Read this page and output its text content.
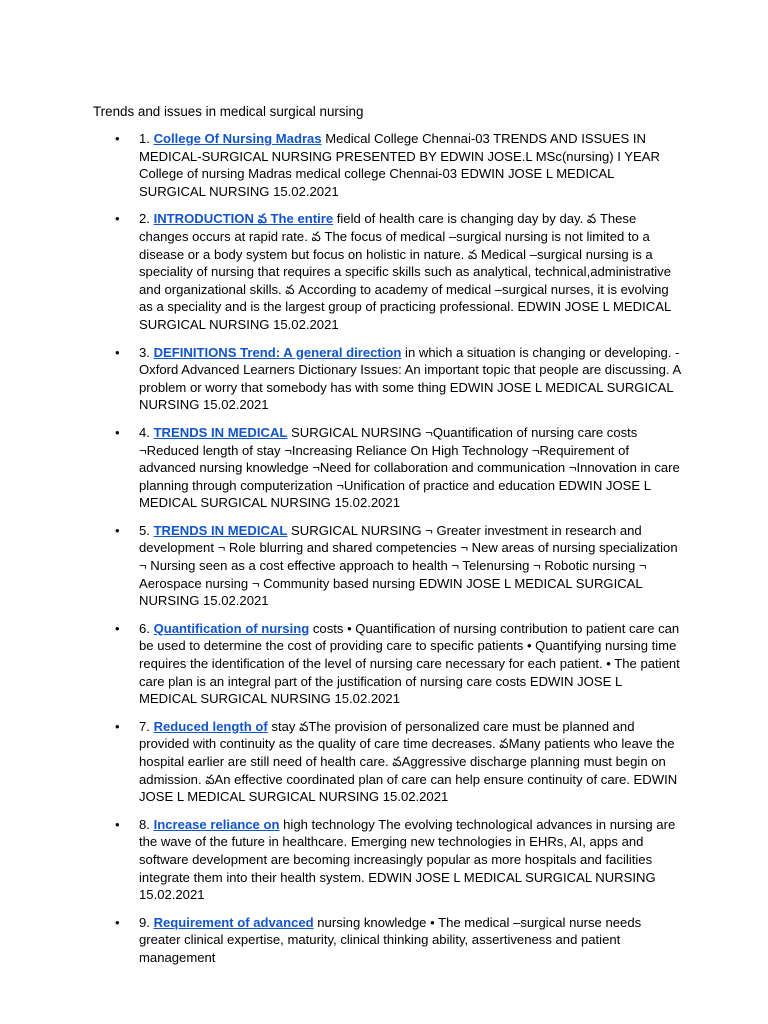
Trends and issues in medical surgical nursing
• 1. College Of Nursing Madras Medical College Chennai-03 TRENDS AND ISSUES IN MEDICAL-SURGICAL NURSING PRESENTED BY EDWIN JOSE.L MSc(nursing) I YEAR College of nursing Madras medical college Chennai-03 EDWIN JOSE L MEDICAL SURGICAL NURSING 15.02.2021
• 2. INTRODUCTION వ The entire field of health care is changing day by day. వ These changes occurs at rapid rate. వ The focus of medical –surgical nursing is not limited to a disease or a body system but focus on holistic in nature. వ Medical –surgical nursing is a speciality of nursing that requires a specific skills such as analytical, technical,administrative and organizational skills. వ According to academy of medical –surgical nurses, it is evolving as a speciality and is the largest group of practicing professional. EDWIN JOSE L MEDICAL SURGICAL NURSING 15.02.2021
• 3. DEFINITIONS Trend: A general direction in which a situation is changing or developing. -Oxford Advanced Learners Dictionary Issues: An important topic that people are discussing. A problem or worry that somebody has with some thing EDWIN JOSE L MEDICAL SURGICAL NURSING 15.02.2021
• 4. TRENDS IN MEDICAL SURGICAL NURSING ¬Quantification of nursing care costs ¬Reduced length of stay ¬Increasing Reliance On High Technology ¬Requirement of advanced nursing knowledge ¬Need for collaboration and communication ¬Innovation in care planning through computerization ¬Unification of practice and education EDWIN JOSE L MEDICAL SURGICAL NURSING 15.02.2021
• 5. TRENDS IN MEDICAL SURGICAL NURSING ¬ Greater investment in research and development ¬ Role blurring and shared competencies ¬ New areas of nursing specialization ¬ Nursing seen as a cost effective approach to health ¬ Telenursing ¬ Robotic nursing ¬ Aerospace nursing ¬ Community based nursing EDWIN JOSE L MEDICAL SURGICAL NURSING 15.02.2021
• 6. Quantification of nursing costs • Quantification of nursing contribution to patient care can be used to determine the cost of providing care to specific patients • Quantifying nursing time requires the identification of the level of nursing care necessary for each patient. • The patient care plan is an integral part of the justification of nursing care costs EDWIN JOSE L MEDICAL SURGICAL NURSING 15.02.2021
• 7. Reduced length of stay వThe provision of personalized care must be planned and provided with continuity as the quality of care time decreases. వMany patients who leave the hospital earlier are still need of health care. వAggressive discharge planning must begin on admission. వAn effective coordinated plan of care can help ensure continuity of care. EDWIN JOSE L MEDICAL SURGICAL NURSING 15.02.2021
• 8. Increase reliance on high technology The evolving technological advances in nursing are the wave of the future in healthcare. Emerging new technologies in EHRs, AI, apps and software development are becoming increasingly popular as more hospitals and facilities integrate them into their health system. EDWIN JOSE L MEDICAL SURGICAL NURSING 15.02.2021
• 9. Requirement of advanced nursing knowledge • The medical –surgical nurse needs greater clinical expertise, maturity, clinical thinking ability, assertiveness and patient management
